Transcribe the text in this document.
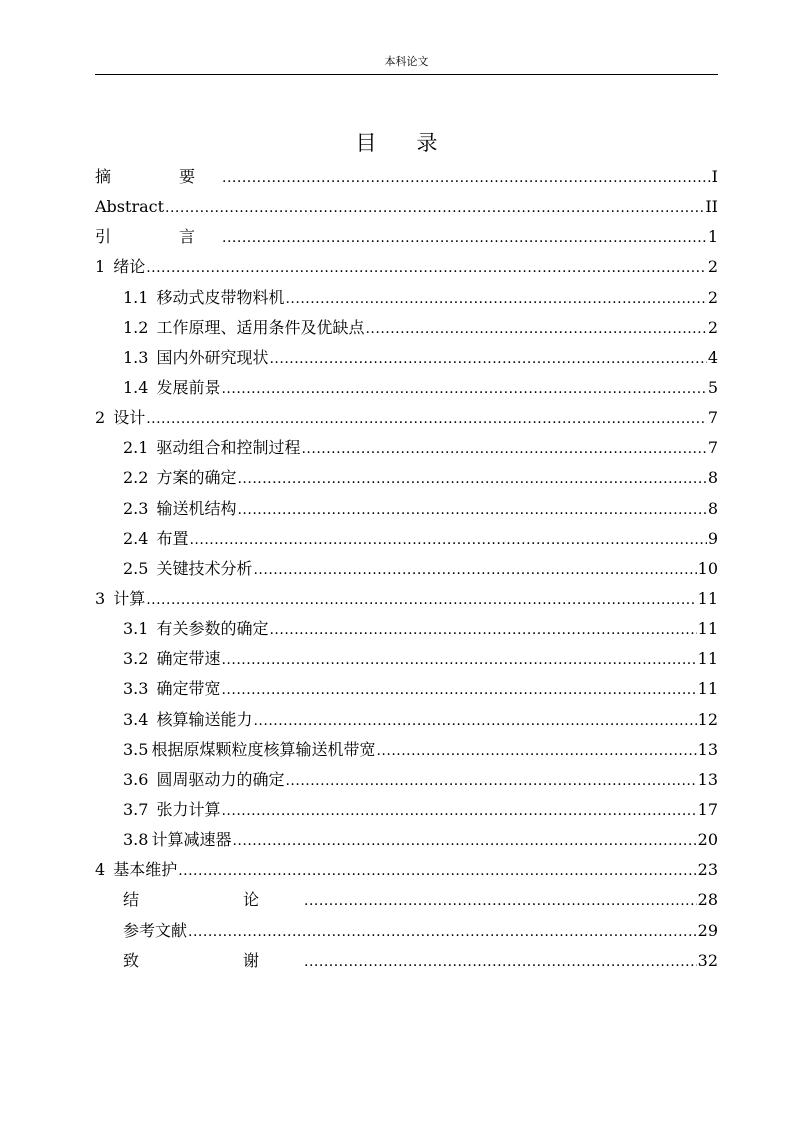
本科论文
目 录
摘　要 .....	I
Abstract .....	II
引　言 .....	1
1 绪论 .....	2
1.1 移动式皮带物料机 .....	2
1.2 工作原理、适用条件及优缺点 .....	2
1.3 国内外研究现状 .....	4
1.4 发展前景 .....	5
2 设计 .....	7
2.1 驱动组合和控制过程 .....	7
2.2 方案的确定 .....	8
2.3 输送机结构 .....	8
2.4 布置 .....	9
2.5 关键技术分析 .....	10
3 计算 .....	11
3.1 有关参数的确定 .....	11
3.2 确定带速 .....	11
3.3 确定带宽 .....	11
3.4 核算输送能力 .....	12
3.5 根据原煤颗粒度核算输送机带宽 .....	13
3.6 圆周驱动力的确定 .....	13
3.7 张力计算 .....	17
3.8 计算减速器 .....	20
4 基本维护 .....	23
结　论 .....	28
参考文献 .....	29
致　谢 .....	32
